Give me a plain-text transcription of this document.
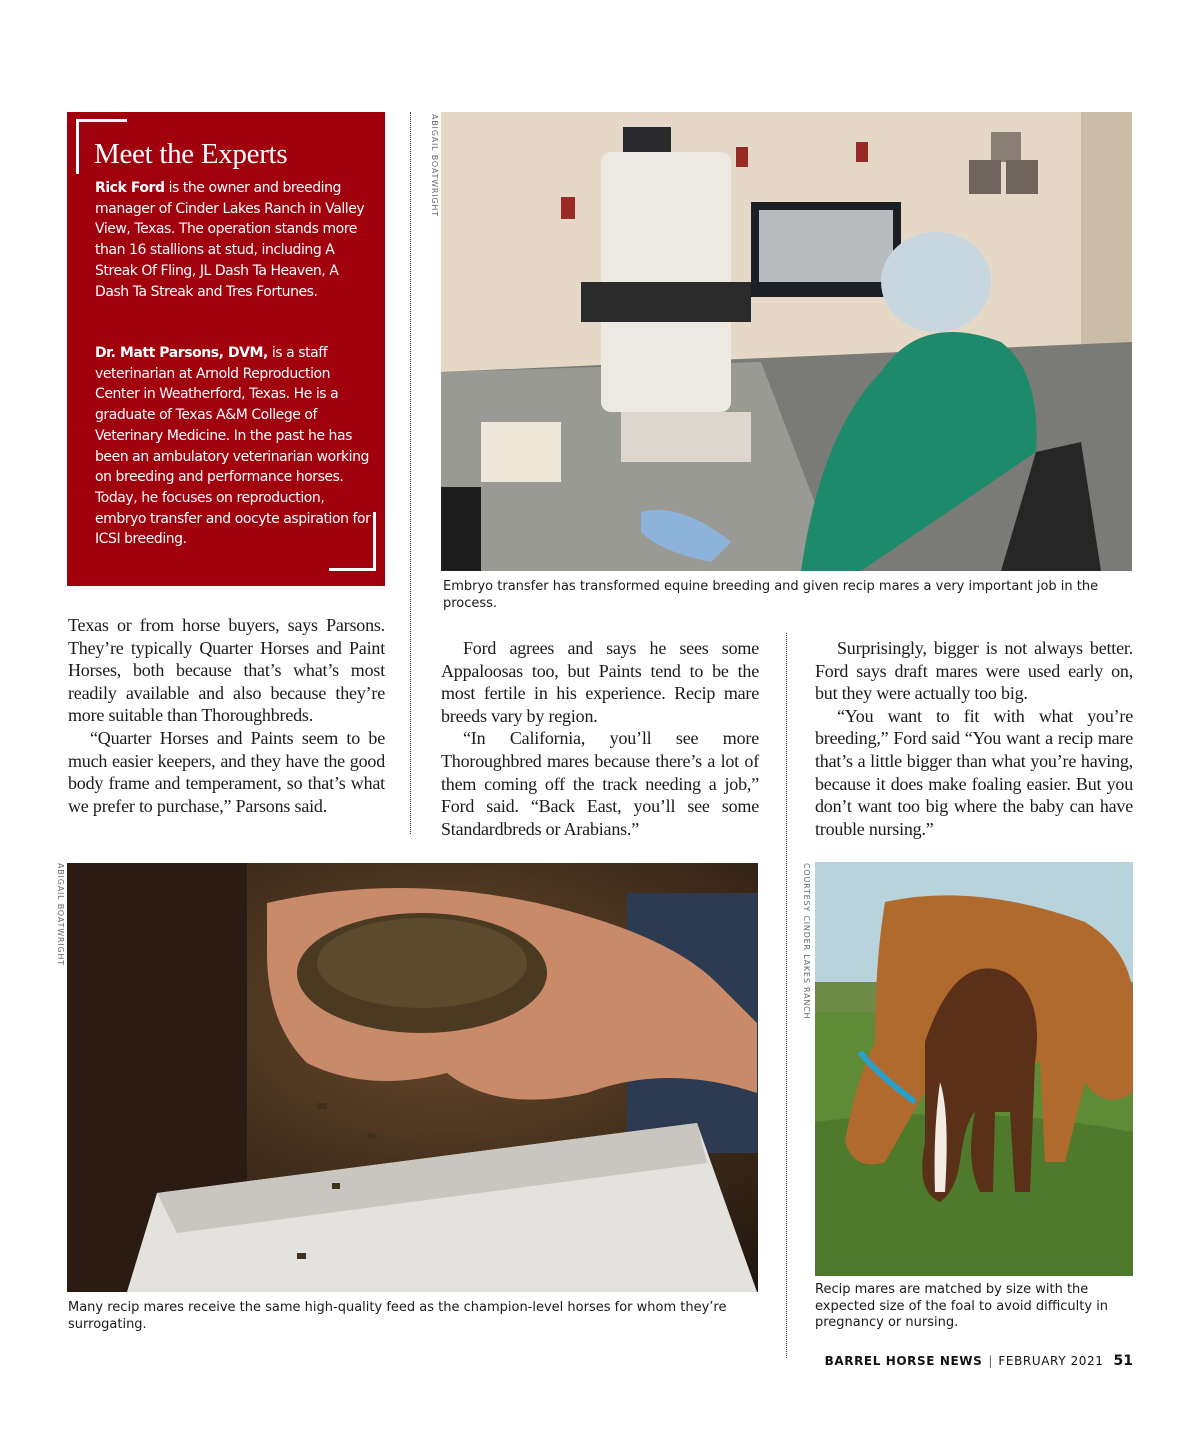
Meet the Experts

Rick Ford is the owner and breeding manager of Cinder Lakes Ranch in Valley View, Texas. The operation stands more than 16 stallions at stud, including A Streak Of Fling, JL Dash Ta Heaven, A Dash Ta Streak and Tres Fortunes.

Dr. Matt Parsons, DVM, is a staff veterinarian at Arnold Reproduction Center in Weatherford, Texas. He is a graduate of Texas A&M College of Veterinary Medicine. In the past he has been an ambulatory veterinarian working on breeding and performance horses. Today, he focuses on reproduction, embryo transfer and oocyte aspiration for ICSI breeding.

ABIGAIL BOATWRIGHT

Embryo transfer has transformed equine breeding and given recip mares a very important job in the process.

Texas or from horse buyers, says Parsons. They’re typically Quarter Horses and Paint Horses, both because that’s what’s most readily available and also because they’re more suitable than Thoroughbreds.

“Quarter Horses and Paints seem to be much easier keepers, and they have the good body frame and temperament, so that’s what we prefer to purchase,” Parsons said.

Ford agrees and says he sees some Appaloosas too, but Paints tend to be the most fertile in his experience. Recip mare breeds vary by region.

“In California, you’ll see more Thoroughbred mares because there’s a lot of them coming off the track needing a job,” Ford said. “Back East, you’ll see some Standardbreds or Arabians.”

Surprisingly, bigger is not always better. Ford says draft mares were used early on, but they were actually too big.

“You want to fit with what you’re breeding,” Ford said “You want a recip mare that’s a little bigger than what you’re having, because it does make foaling easier. But you don’t want too big where the baby can have trouble nursing.”

ABIGAIL BOATWRIGHT

Many recip mares receive the same high-quality feed as the champion-level horses for whom they’re surrogating.

COURTESY CINDER LAKES RANCH

Recip mares are matched by size with the expected size of the foal to avoid difficulty in pregnancy or nursing.

BARREL HORSE NEWS | FEBRUARY 2021 51
